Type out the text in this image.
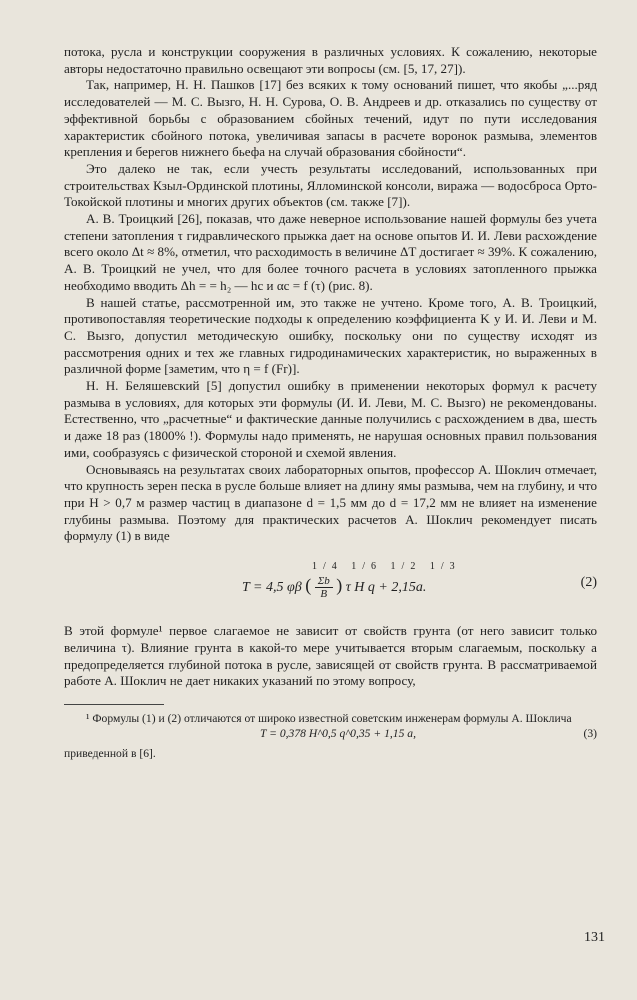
потока, русла и конструкции сооружения в различных условиях. К сожалению, некоторые авторы недостаточно правильно освещают эти вопросы (см. [5, 17, 27]).

Так, например, Н. Н. Пашков [17] без всяких к тому оснований пишет, что якобы „...ряд исследователей — М. С. Вызго, Н. Н. Сурова, О. В. Андреев и др. отказались по существу от эффективной борьбы с образованием сбойных течений, идут по пути исследования характеристик сбойного потока, увеличивая запасы в расчете воронок размыва, элементов крепления и берегов нижнего бьефа на случай образования сбойности“.

Это далеко не так, если учесть результаты исследований, использованных при строительствах Кзыл-Ординской плотины, Ялломинской консоли, виража — водосброса Орто-Токойской плотины и многих других объектов (см. также [7]).

А. В. Троицкий [26], показав, что даже неверное использование нашей формулы без учета степени затопления τ гидравлического прыжка дает на основе опытов И. И. Леви расхождение всего около Δt ≈ 8%, отметил, что расходимость в величине ΔT достигает ≈ 39%. К сожалению, А. В. Троицкий не учел, что для более точного расчета в условиях затопленного прыжка необходимо вводить Δh = = h₂ — hc и αc = f (τ) (рис. 8).

В нашей статье, рассмотренной им, это также не учтено. Кроме того, А. В. Троицкий, противопоставляя теоретические подходы к определению коэффициента K у И. И. Леви и М. С. Вызго, допустил методическую ошибку, поскольку они по существу исходят из рассмотрения одних и тех же главных гидродинамических характеристик, но выраженных в различной форме [заметим, что η = f (Fr)].

Н. Н. Беляшевский [5] допустил ошибку в применении некоторых формул к расчету размыва в условиях, для которых эти формулы (И. И. Леви, М. С. Вызго) не рекомендованы. Естественно, что „расчетные“ и фактические данные получились с расхождением в два, шесть и даже 18 раз (1800% !). Формулы надо применять, не нарушая основных правил пользования ими, сообразуясь с физической стороной и схемой явления.

Основываясь на результатах своих лабораторных опытов, профессор А. Шоклич отмечает, что крупность зерен песка в русле больше влияет на длину ямы размыва, чем на глубину, и что при H > 0,7 м размер частиц в диапазоне d = 1,5 мм до d = 17,2 мм не влияет на изменение глубины размыва. Поэтому для практических расчетов А. Шоклич рекомендует писать формулу (1) в виде

1/4 1/6 1/2 1/3
T = 4,5 φβ ( $\frac{\Sigma b}{B}$ ) τ H q + 2,15a.	(2)

В этой формуле¹ первое слагаемое не зависит от свойств грунта (от него зависит только величина τ). Влияние грунта в какой-то мере учитывается вторым слагаемым, поскольку a предопределяется глубиной потока в русле, зависящей от свойств грунта. В рассматриваемой работе А. Шоклич не дает никаких указаний по этому вопросу,

¹ Формулы (1) и (2) отличаются от широко известной советским инженерам формулы А. Шоклича

T = 0,378 H^0,5 q^0,35 + 1,15 a,	(3)

приведенной в [6].

131
